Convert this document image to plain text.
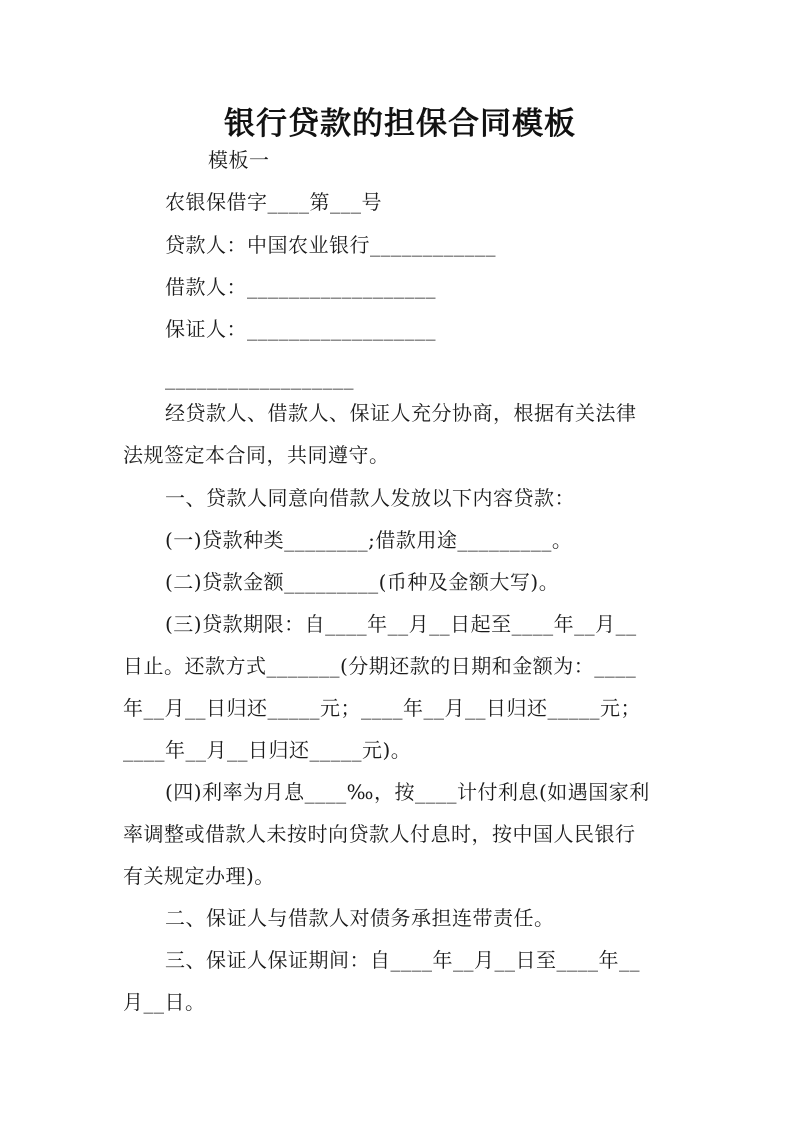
银行贷款的担保合同模板
模板一
农银保借字____第___号
贷款人：中国农业银行____________
借款人：__________________
保证人：__________________
__________________
经贷款人、借款人、保证人充分协商，根据有关法律
法规签定本合同，共同遵守。
一、贷款人同意向借款人发放以下内容贷款：
(一)贷款种类________;借款用途_________。
(二)贷款金额_________(币种及金额大写)。
(三)贷款期限：自____年__月__日起至____年__月__
日止。还款方式_______(分期还款的日期和金额为：____
年__月__日归还_____元；____年__月__日归还_____元；
____年__月__日归还_____元)。
(四)利率为月息____‰，按____计付利息(如遇国家利
率调整或借款人未按时向贷款人付息时，按中国人民银行
有关规定办理)。
二、保证人与借款人对债务承担连带责任。
三、保证人保证期间：自____年__月__日至____年__
月__日。
